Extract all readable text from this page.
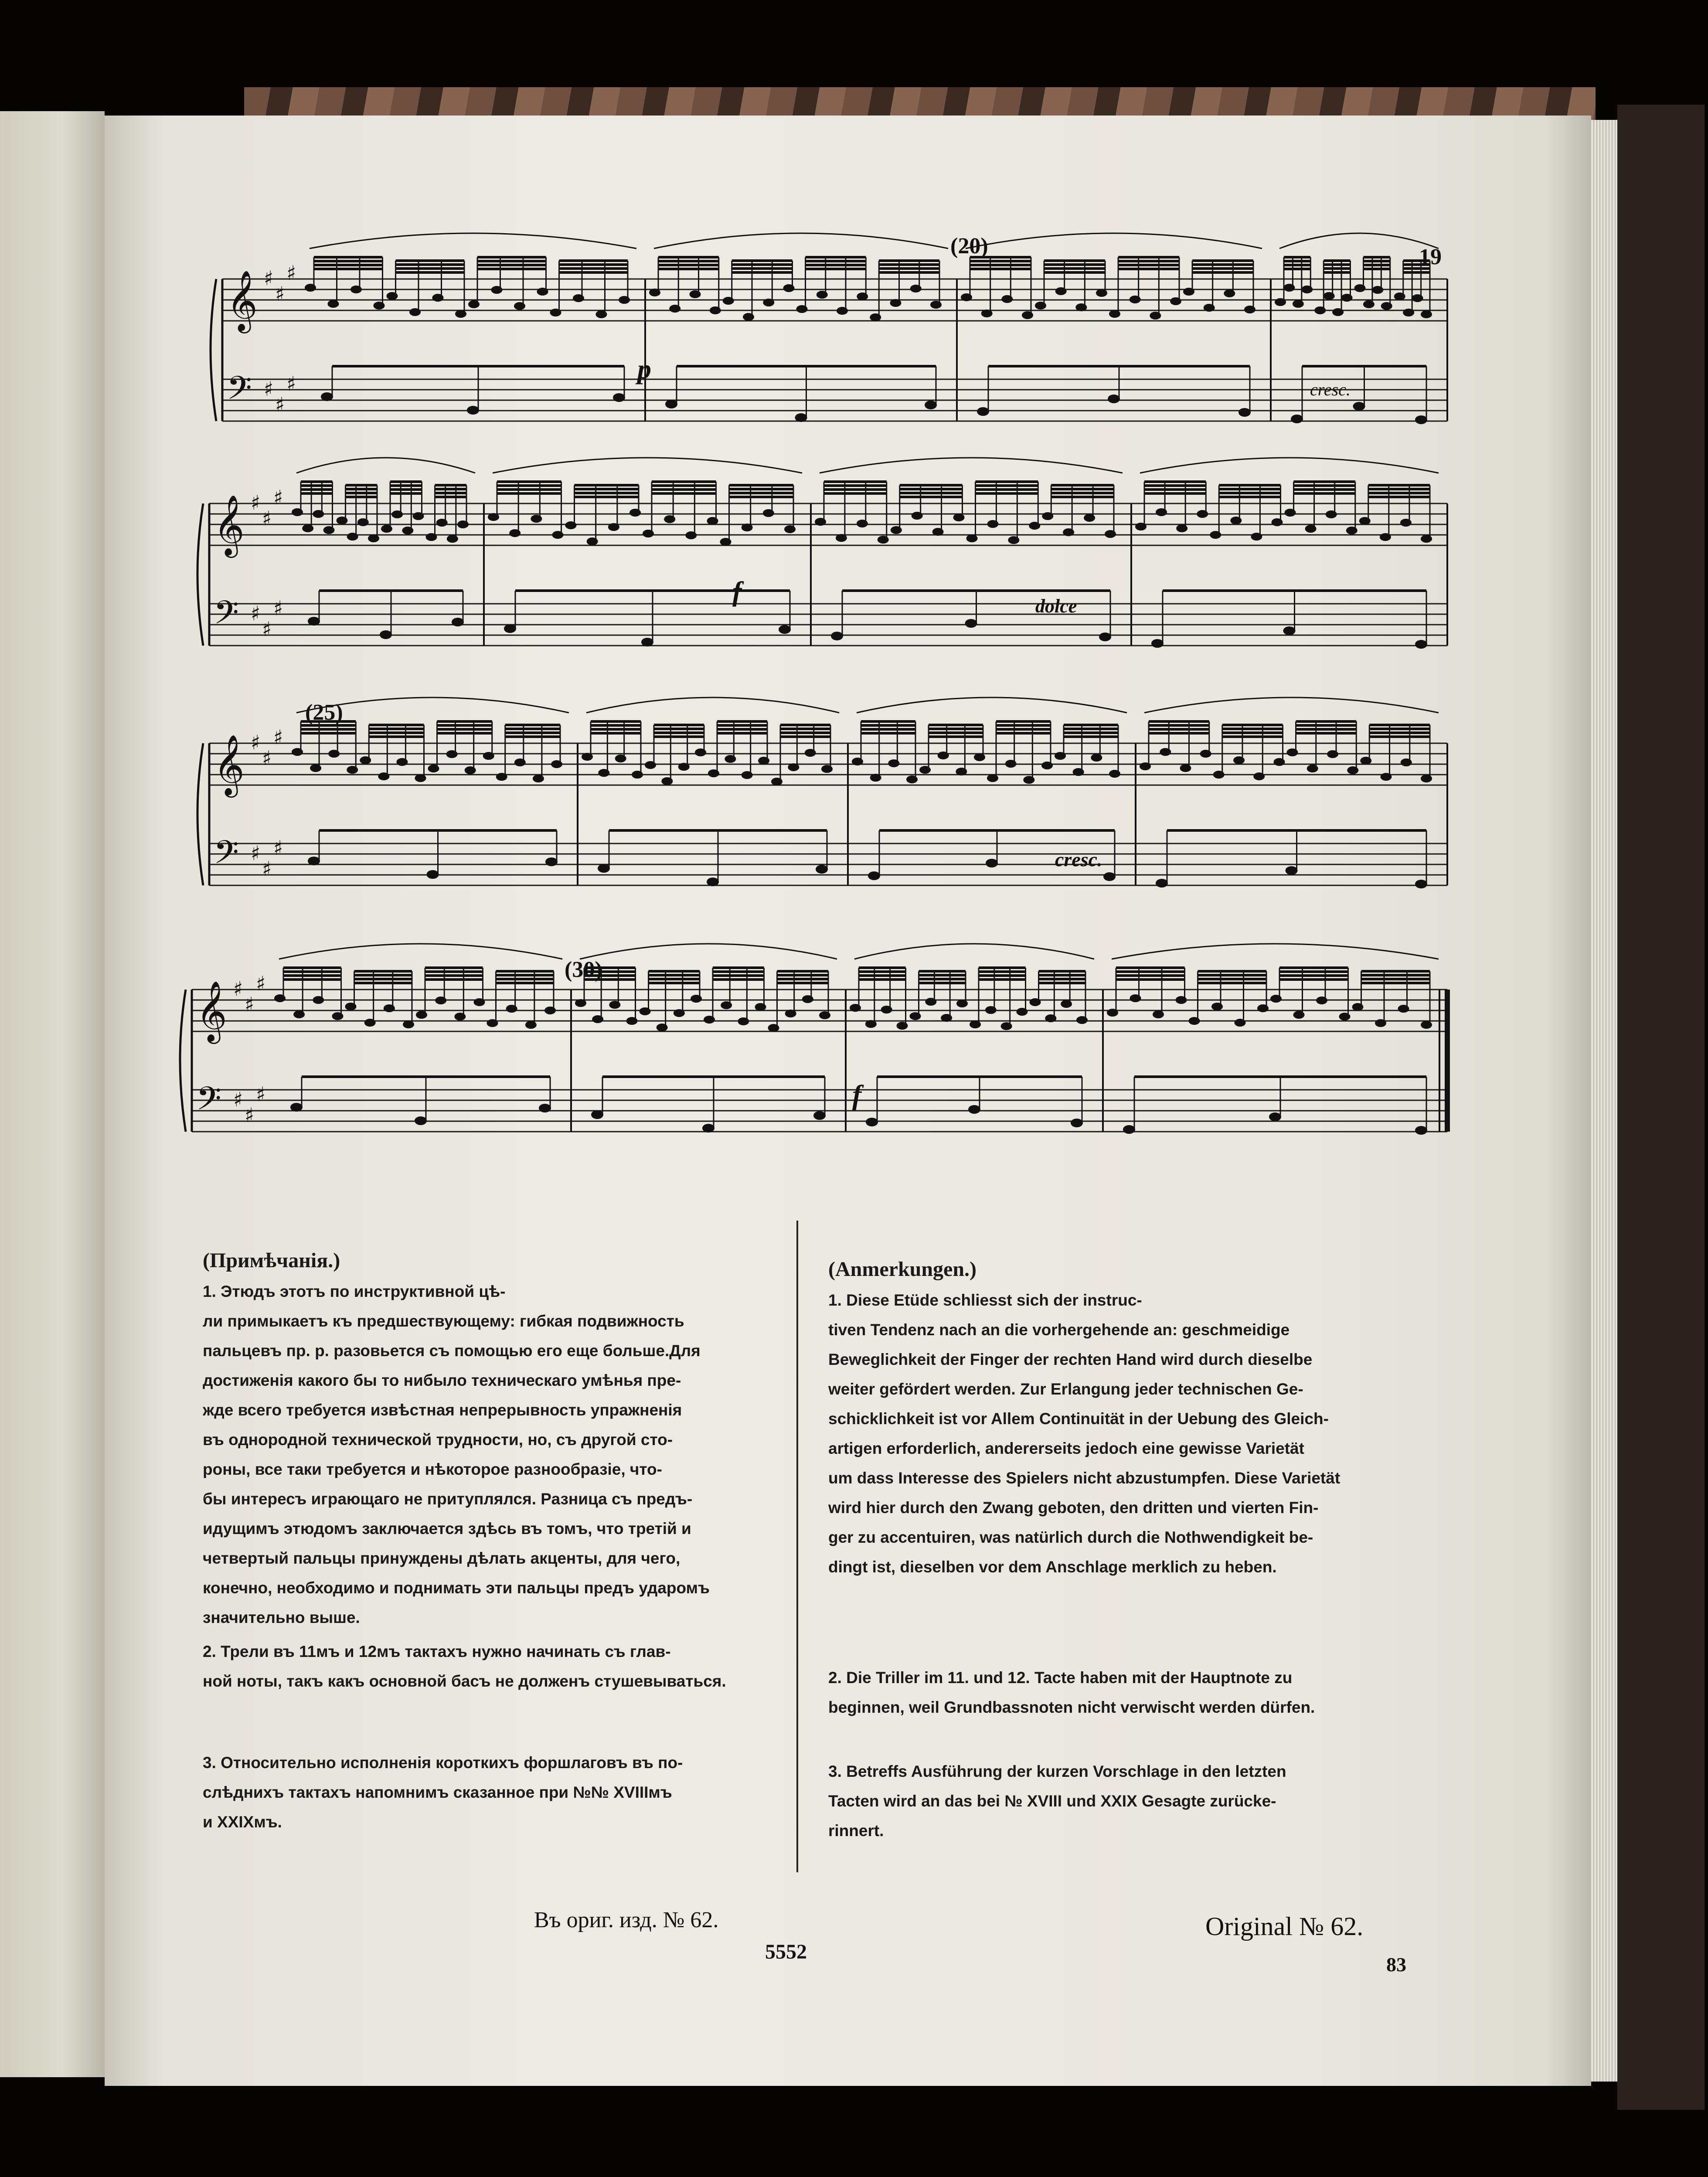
𝄞 ♯
♯
♯
𝄢 ♯
♯
♯
𝄞 ♯
♯
♯
𝄢 ♯
♯
♯
𝄞 ♯
♯
♯
𝄢 ♯
♯
♯
𝄞 ♯
♯
♯
𝄢 ♯
♯
♯
(20)
(25)
(30)
19
p
cresc.
f	dolce
cresc.
f

(Примѣчанія.)
1. Этюдъ этотъ по инструктивной цѣ-
ли примыкаетъ къ предшествующему: гибкая подвижность
пальцевъ пр. р. разовьется съ помощью его еще больше.Для
достиженія какого бы то нибыло техническаго умѣнья пре-
жде всего требуется извѣстная непрерывность упражненія
въ однородной технической трудности, но, съ другой сто-
роны, все таки требуется и нѣкоторое разнообразіе, что-
бы интересъ играющаго не притуплялся. Разница съ предъ-
идущимъ этюдомъ заключается здѣсь въ томъ, что третій и
четвертый пальцы принуждены дѣлать акценты, для чего,
конечно, необходимо и поднимать эти пальцы предъ ударомъ
значительно выше.

2. Трели въ 11мъ и 12мъ тактахъ нужно начинать съ глав-
ной ноты, такъ какъ основной басъ не долженъ стушевываться.
3. Относительно исполненія короткихъ форшлаговъ въ по-
слѣднихъ тактахъ напомнимъ сказанное при №№ XVIIIмъ
и XXIXмъ.

(Anmerkungen.)
1. Diese Etüde schliesst sich der instruc-
tiven Tendenz nach an die vorhergehende an: geschmeidige
Beweglichkeit der Finger der rechten Hand wird durch dieselbe
weiter gefördert werden. Zur Erlangung jeder technischen Ge-
schicklichkeit ist vor Allem Continuität in der Uebung des Gleich-
artigen erforderlich, andererseits jedoch eine gewisse Varietät
um dass Interesse des Spielers nicht abzustumpfen. Diese Varietät
wird hier durch den Zwang geboten, den dritten und vierten Fin-
ger zu accentuiren, was natürlich durch die Nothwendigkeit be-
dingt ist, dieselben vor dem Anschlage merklich zu heben.

2. Die Triller im 11. und 12. Tacte haben mit der Hauptnote zu
beginnen, weil Grundbassnoten nicht verwischt werden dürfen.
3. Betreffs Ausführung der kurzen Vorschlage in den letzten
Tacten wird an das bei № XVIII und XXIX Gesagte zurücke-
rinnert.
Въ ориг. изд. № 62.
5552
Original № 62.
83
